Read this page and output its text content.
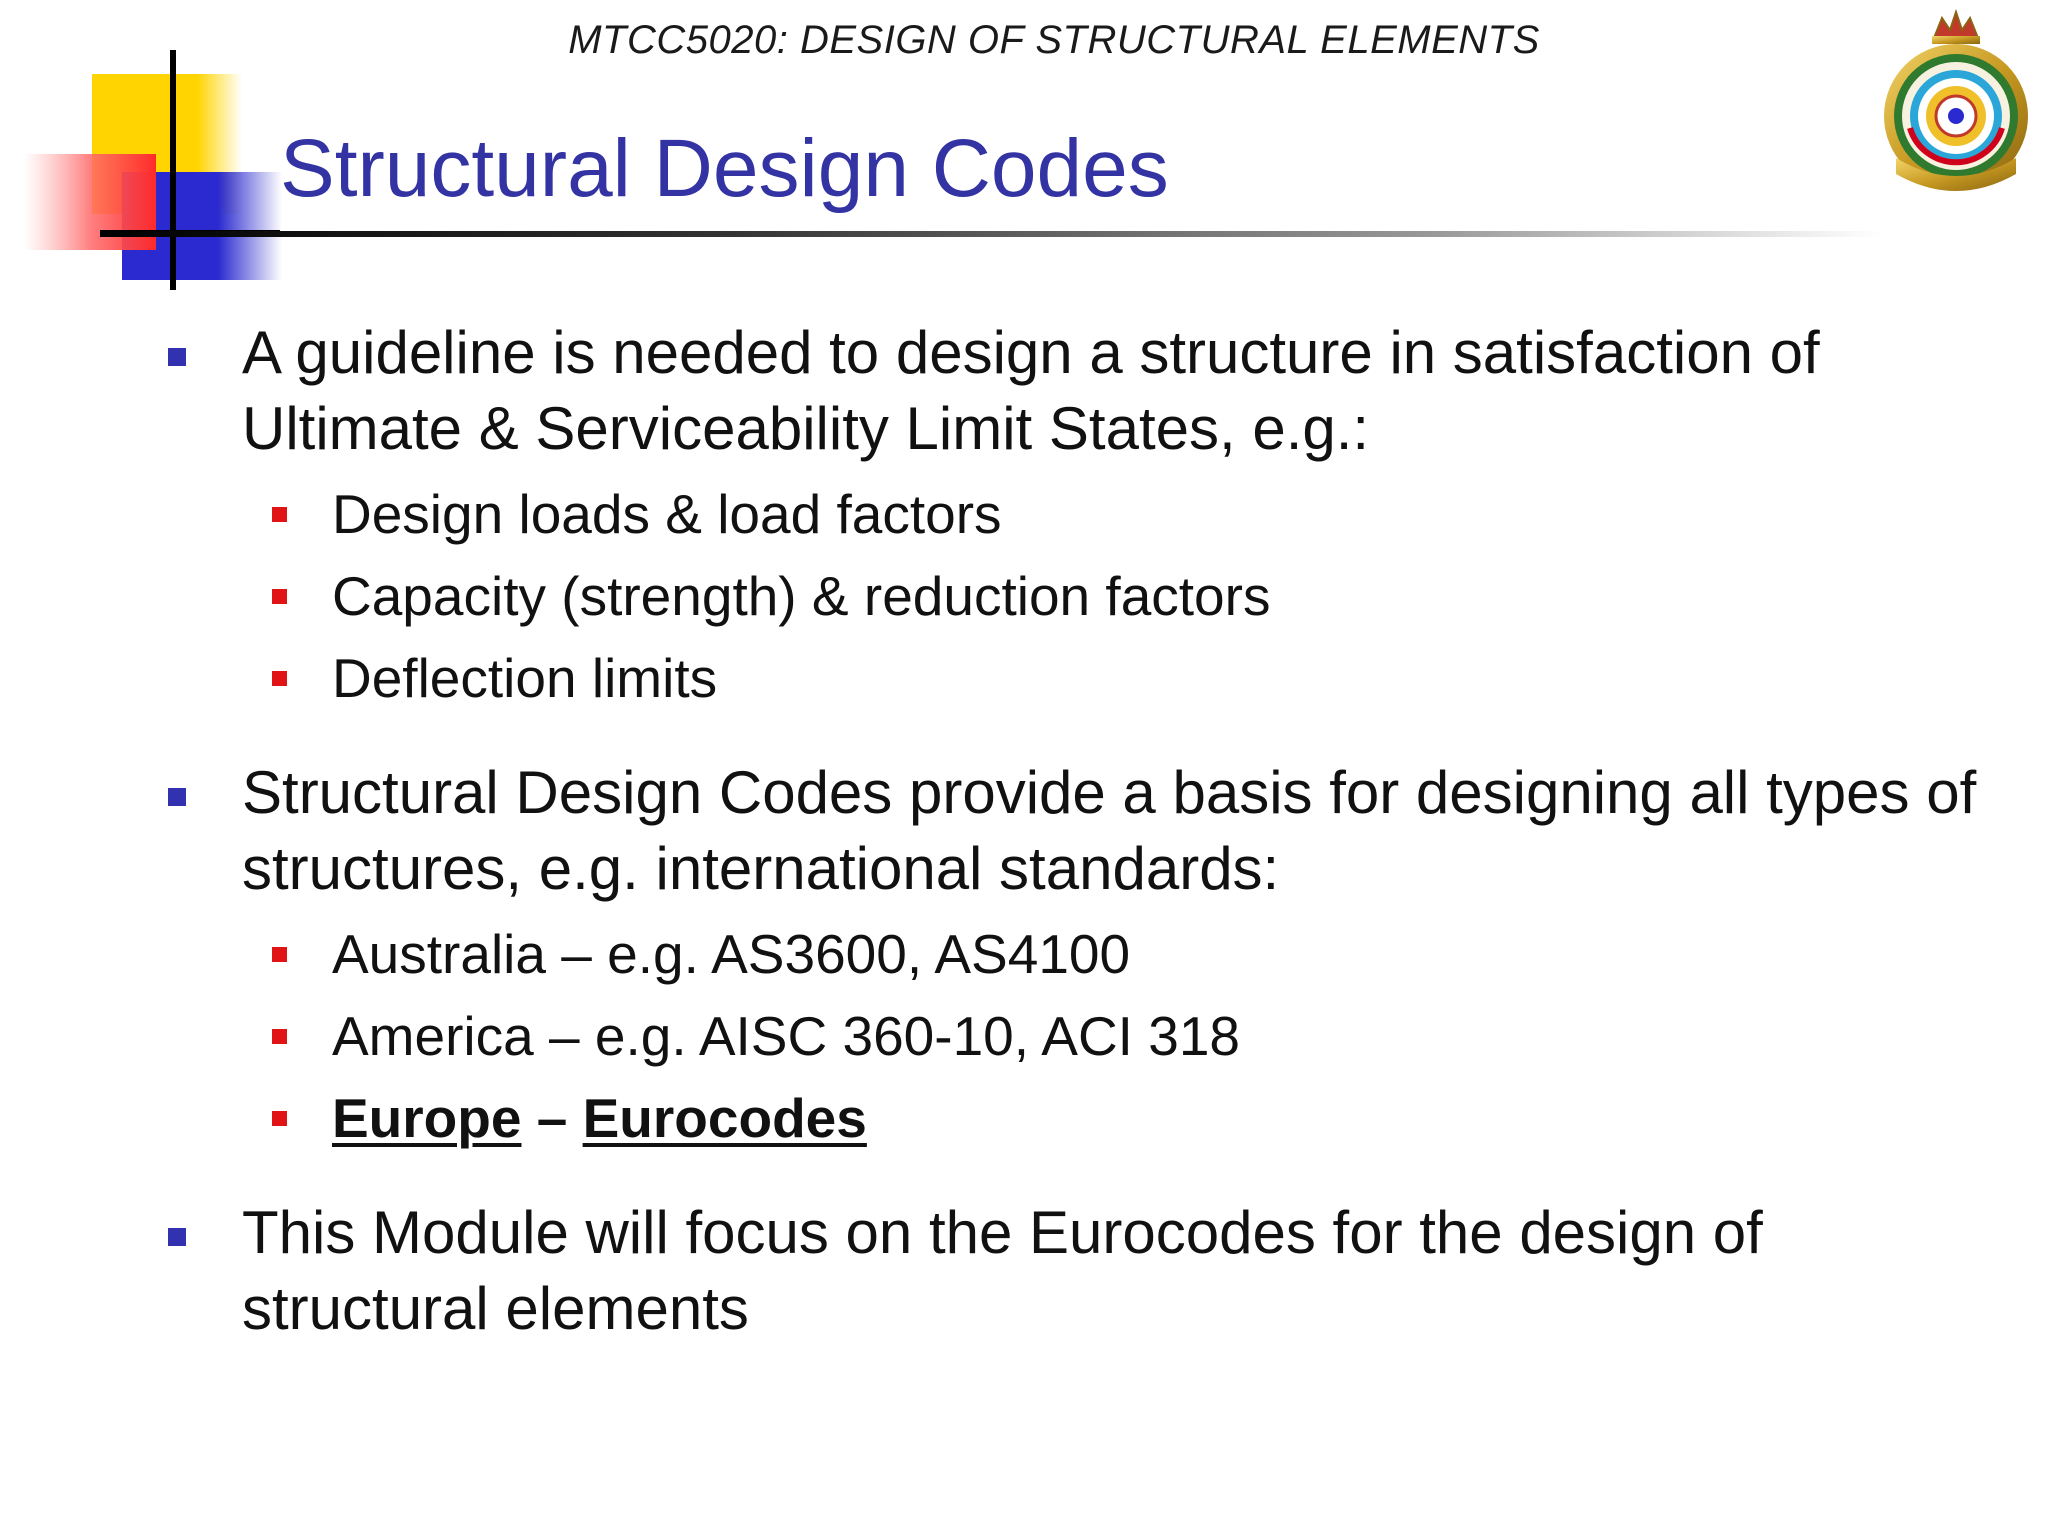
MTCC5020: DESIGN OF STRUCTURAL ELEMENTS
Structural Design Codes
A guideline is needed to design a structure in satisfaction of Ultimate & Serviceability Limit States, e.g.:
Design loads & load factors
Capacity (strength) & reduction factors
Deflection limits
Structural Design Codes provide a basis for designing all types of structures, e.g. international standards:
Australia – e.g. AS3600, AS4100
America – e.g. AISC 360-10, ACI 318
Europe – Eurocodes
This Module will focus on the Eurocodes for the design of structural elements
